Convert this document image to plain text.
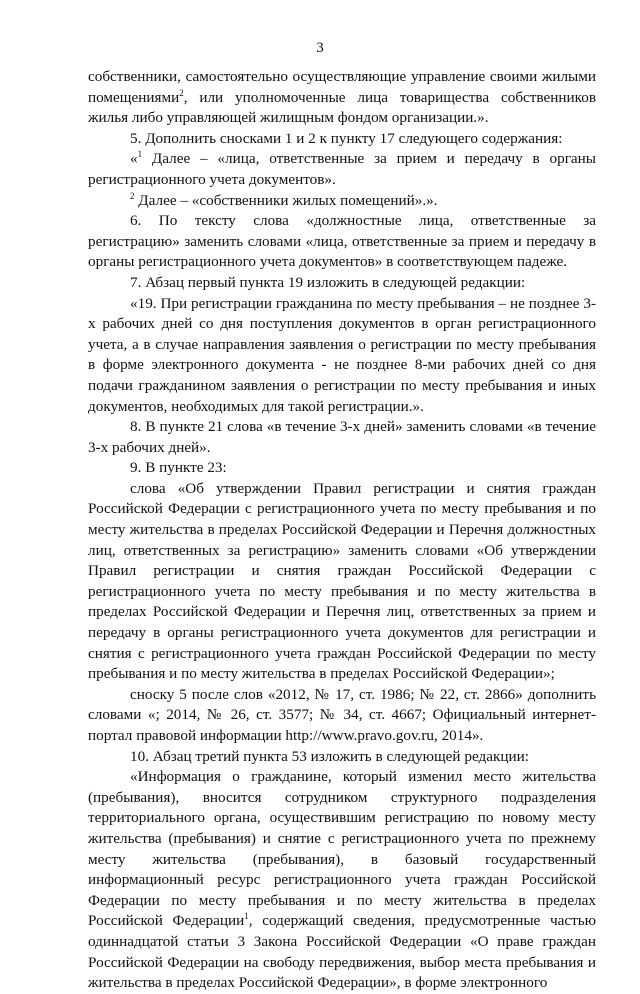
3

собственники, самостоятельно осуществляющие управление своими жилыми помещениями$^2$, или уполномоченные лица товарищества собственников жилья либо управляющей жилищным фондом организации.».

5. Дополнить сносками 1 и 2 к пункту 17 следующего содержания:

«$^1$ Далее – «лица, ответственные за прием и передачу в органы регистрационного учета документов».

$^2$ Далее – «собственники жилых помещений».».

6. По тексту слова «должностные лица, ответственные за регистрацию» заменить словами «лица, ответственные за прием и передачу в органы регистрационного учета документов» в соответствующем падеже.

7. Абзац первый пункта 19 изложить в следующей редакции:

«19. При регистрации гражданина по месту пребывания – не позднее 3-х рабочих дней со дня поступления документов в орган регистрационного учета, а в случае направления заявления о регистрации по месту пребывания в форме электронного документа - не позднее 8-ми рабочих дней со дня подачи гражданином заявления о регистрации по месту пребывания и иных документов, необходимых для такой регистрации.».

8. В пункте 21 слова «в течение 3-х дней» заменить словами «в течение 3-х рабочих дней».

9. В пункте 23:

слова «Об утверждении Правил регистрации и снятия граждан Российской Федерации с регистрационного учета по месту пребывания и по месту жительства в пределах Российской Федерации и Перечня должностных лиц, ответственных за регистрацию» заменить словами «Об утверждении Правил регистрации и снятия граждан Российской Федерации с регистрационного учета по месту пребывания и по месту жительства в пределах Российской Федерации и Перечня лиц, ответственных за прием и передачу в органы регистрационного учета документов для регистрации и снятия с регистрационного учета граждан Российской Федерации по месту пребывания и по месту жительства в пределах Российской Федерации»;

сноску 5 после слов «2012, № 17, ст. 1986; № 22, ст. 2866» дополнить словами «; 2014, № 26, ст. 3577; № 34, ст. 4667; Официальный интернет-портал правовой информации http://www.pravo.gov.ru, 2014».

10. Абзац третий пункта 53 изложить в следующей редакции:

«Информация о гражданине, который изменил место жительства (пребывания), вносится сотрудником структурного подразделения территориального органа, осуществившим регистрацию по новому месту жительства (пребывания) и снятие с регистрационного учета по прежнему месту жительства (пребывания), в базовый государственный информационный ресурс регистрационного учета граждан Российской Федерации по месту пребывания и по месту жительства в пределах Российской Федерации$^1$, содержащий сведения, предусмотренные частью одиннадцатой статьи 3 Закона Российской Федерации «О праве граждан Российской Федерации на свободу передвижения, выбор места пребывания и жительства в пределах Российской Федерации», в форме электронного
